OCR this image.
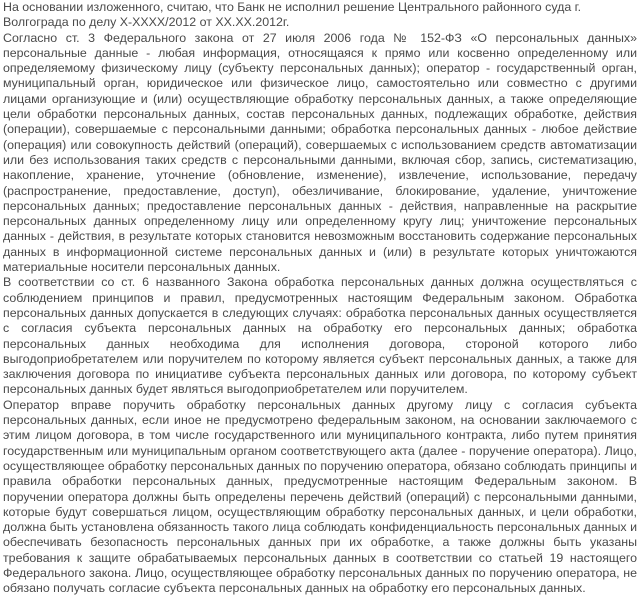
На основании изложенного, считаю, что Банк не исполнил решение Центрального районного суда г. Волгограда по делу Х-ХХХХ/2012 от ХХ.ХХ.2012г.

Согласно ст. 3 Федерального закона от 27 июля 2006 года № 152-ФЗ «О персональных данных» персональные данные - любая информация, относящаяся к прямо или косвенно определенному или определяемому физическому лицу (субъекту персональных данных); оператор - государственный орган, муниципальный орган, юридическое или физическое лицо, самостоятельно или совместно с другими лицами организующие и (или) осуществляющие обработку персональных данных, а также определяющие цели обработки персональных данных, состав персональных данных, подлежащих обработке, действия (операции), совершаемые с персональными данными; обработка персональных данных - любое действие (операция) или совокупность действий (операций), совершаемых с использованием средств автоматизации или без использования таких средств с персональными данными, включая сбор, запись, систематизацию, накопление, хранение, уточнение (обновление, изменение), извлечение, использование, передачу (распространение, предоставление, доступ), обезличивание, блокирование, удаление, уничтожение персональных данных; предоставление персональных данных - действия, направленные на раскрытие персональных данных определенному лицу или определенному кругу лиц; уничтожение персональных данных - действия, в результате которых становится невозможным восстановить содержание персональных данных в информационной системе персональных данных и (или) в результате которых уничтожаются материальные носители персональных данных.

В соответствии со ст. 6 названного Закона обработка персональных данных должна осуществляться с соблюдением принципов и правил, предусмотренных настоящим Федеральным законом. Обработка персональных данных допускается в следующих случаях: обработка персональных данных осуществляется с согласия субъекта персональных данных на обработку его персональных данных; обработка персональных данных необходима для исполнения договора, стороной которого либо выгодоприобретателем или поручителем по которому является субъект персональных данных, а также для заключения договора по инициативе субъекта персональных данных или договора, по которому субъект персональных данных будет являться выгодоприобретателем или поручителем.

Оператор вправе поручить обработку персональных данных другому лицу с согласия субъекта персональных данных, если иное не предусмотрено федеральным законом, на основании заключаемого с этим лицом договора, в том числе государственного или муниципального контракта, либо путем принятия государственным или муниципальным органом соответствующего акта (далее - поручение оператора). Лицо, осуществляющее обработку персональных данных по поручению оператора, обязано соблюдать принципы и правила обработки персональных данных, предусмотренные настоящим Федеральным законом. В поручении оператора должны быть определены перечень действий (операций) с персональными данными, которые будут совершаться лицом, осуществляющим обработку персональных данных, и цели обработки, должна быть установлена обязанность такого лица соблюдать конфиденциальность персональных данных и обеспечивать безопасность персональных данных при их обработке, а также должны быть указаны требования к защите обрабатываемых персональных данных в соответствии со статьей 19 настоящего Федерального закона. Лицо, осуществляющее обработку персональных данных по поручению оператора, не обязано получать согласие субъекта персональных данных на обработку его персональных данных.
